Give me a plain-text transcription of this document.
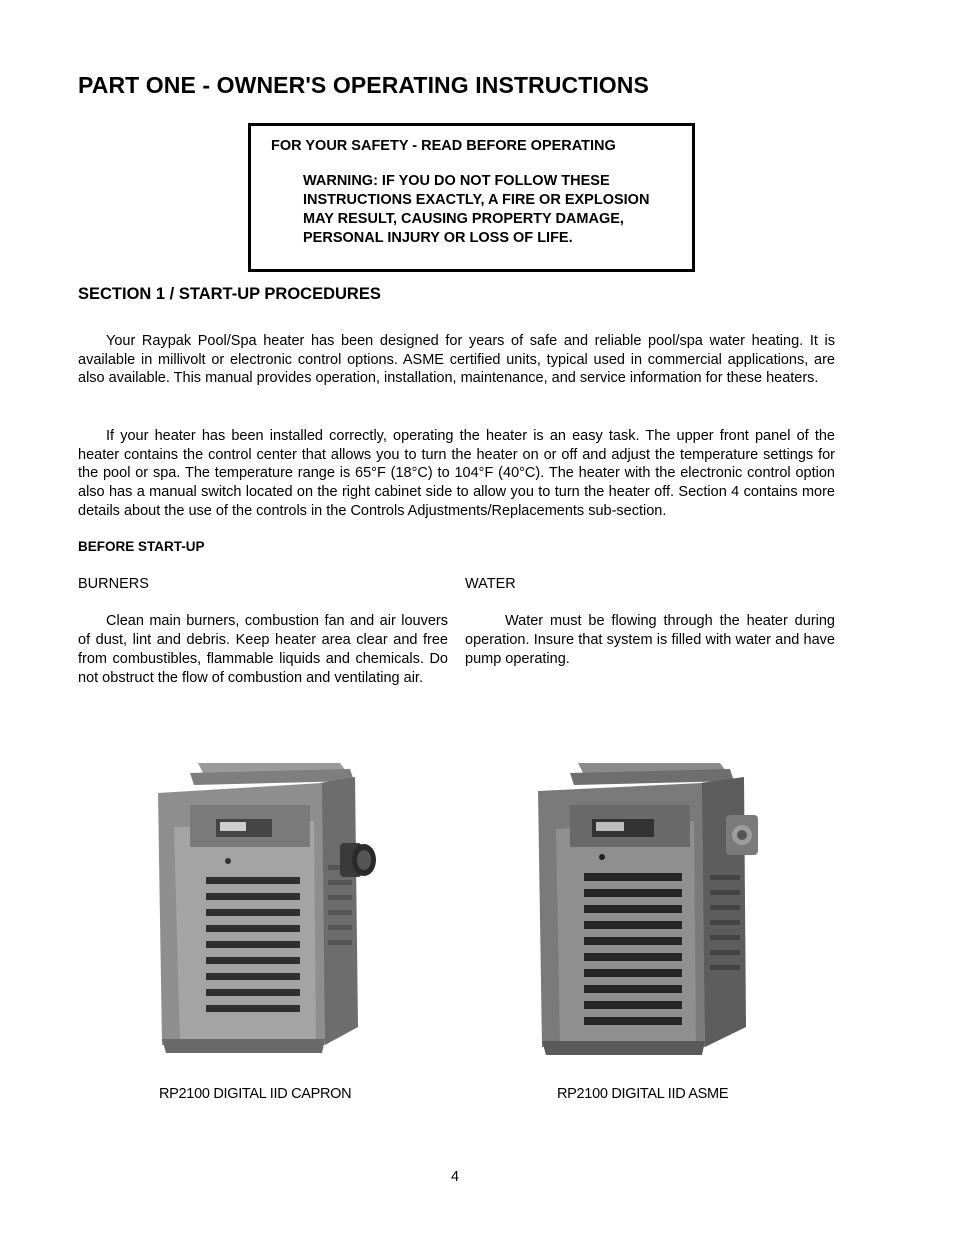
PART ONE - OWNER'S OPERATING INSTRUCTIONS
FOR YOUR SAFETY - READ BEFORE OPERATING
WARNING: IF YOU DO NOT FOLLOW THESE INSTRUCTIONS EXACTLY, A FIRE OR EXPLOSION MAY RESULT, CAUSING PROPERTY DAMAGE, PERSONAL INJURY OR LOSS OF LIFE.
SECTION 1 / START-UP PROCEDURES

Your Raypak Pool/Spa heater has been designed for years of safe and reliable pool/spa water heating. It is available in millivolt or electronic control options. ASME certified units, typical used in commercial applications, are also available. This manual provides operation, installation, maintenance, and service information for these heaters.

If your heater has been installed correctly, operating the heater is an easy task. The upper front panel of the heater contains the control center that allows you to turn the heater on or off and adjust the temperature settings for the pool or spa. The temperature range is 65°F (18°C) to 104°F (40°C). The heater with the electronic control option also has a manual switch located on the right cabinet side to allow you to turn the heater off. Section 4 contains more details about the use of the controls in the Controls Adjustments/Replacements sub-section.

BEFORE START-UP
BURNERS	WATER

Clean main burners, combustion fan and air louvers of dust, lint and debris. Keep heater area clear and free from combustibles, flammable liquids and chemicals. Do not obstruct the flow of combustion and ventilating air.

Water must be flowing through the heater during operation. Insure that system is filled with water and have pump operating.

RP2100 DIGITAL IID CAPRON	RP2100 DIGITAL IID ASME
4
